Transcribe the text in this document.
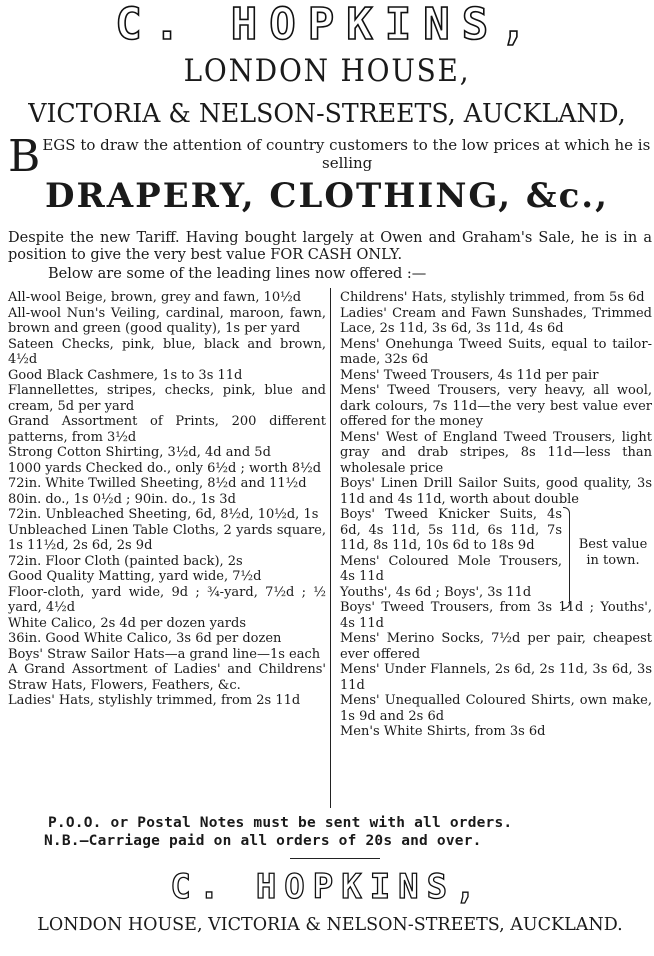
C. HOPKINS,
LONDON HOUSE,
VICTORIA & NELSON-STREETS, AUCKLAND,
B EGS to draw the attention of country customers to the low prices at which he is
selling
DRAPERY, CLOTHING, &c.,
Despite the new Tariff. Having bought largely at Owen and Graham's Sale, he is in a position to give the very best value FOR CASH ONLY.
Below are some of the leading lines now offered :—

All-wool Beige, brown, grey and fawn, 10½d

All-wool Nun's Veiling, cardinal, maroon, fawn, brown and green (good quality), 1s per yard

Sateen Checks, pink, blue, black and brown, 4½d

Good Black Cashmere, 1s to 3s 11d

Flannellettes, stripes, checks, pink, blue and cream, 5d per yard

Grand Assortment of Prints, 200 different patterns, from 3½d

Strong Cotton Shirting, 3½d, 4d and 5d

1000 yards Checked do., only 6½d ; worth 8½d

72in. White Twilled Sheeting, 8½d and 11½d

80in. do., 1s 0½d ; 90in. do., 1s 3d

72in. Unbleached Sheeting, 6d, 8½d, 10½d, 1s

Unbleached Linen Table Cloths, 2 yards square, 1s 11½d, 2s 6d, 2s 9d

72in. Floor Cloth (painted back), 2s

Good Quality Matting, yard wide, 7½d

Floor-cloth, yard wide, 9d ; ¾-yard, 7½d ; ½ yard, 4½d

White Calico, 2s 4d per dozen yards

36in. Good White Calico, 3s 6d per dozen

Boys' Straw Sailor Hats—a grand line—1s each

A Grand Assortment of Ladies' and Childrens' Straw Hats, Flowers, Feathers, &c.

Ladies' Hats, stylishly trimmed, from 2s 11d

Childrens' Hats, stylishly trimmed, from 5s 6d

Ladies' Cream and Fawn Sunshades, Trimmed Lace, 2s 11d, 3s 6d, 3s 11d, 4s 6d

Mens' Onehunga Tweed Suits, equal to tailor-made, 32s 6d

Mens' Tweed Trousers, 4s 11d per pair

Mens' Tweed Trousers, very heavy, all wool, dark colours, 7s 11d—the very best value ever offered for the money

Mens' West of England Tweed Trousers, light gray and drab stripes, 8s 11d—less than wholesale price

Boys' Linen Drill Sailor Suits, good quality, 3s 11d and 4s 11d, worth about double

Boys' Tweed Knicker Suits, 4s 6d, 4s 11d, 5s 11d, 6s 11d, 7s 11d, 8s 11d, 10s 6d to 18s 9d

Mens' Coloured Mole Trousers, 4s 11d

Youths', 4s 6d ; Boys', 3s 11d

Best value in town.

Boys' Tweed Trousers, from 3s 11d ; Youths', 4s 11d

Mens' Merino Socks, 7½d per pair, cheapest ever offered

Mens' Under Flannels, 2s 6d, 2s 11d, 3s 6d, 3s 11d

Mens' Unequalled Coloured Shirts, own make, 1s 9d and 2s 6d

Men's White Shirts, from 3s 6d

P.O.O. or Postal Notes must be sent with all orders.
N.B.—Carriage paid on all orders of 20s and over.
C. HOPKINS,
LONDON HOUSE, VICTORIA & NELSON-STREETS, AUCKLAND.
